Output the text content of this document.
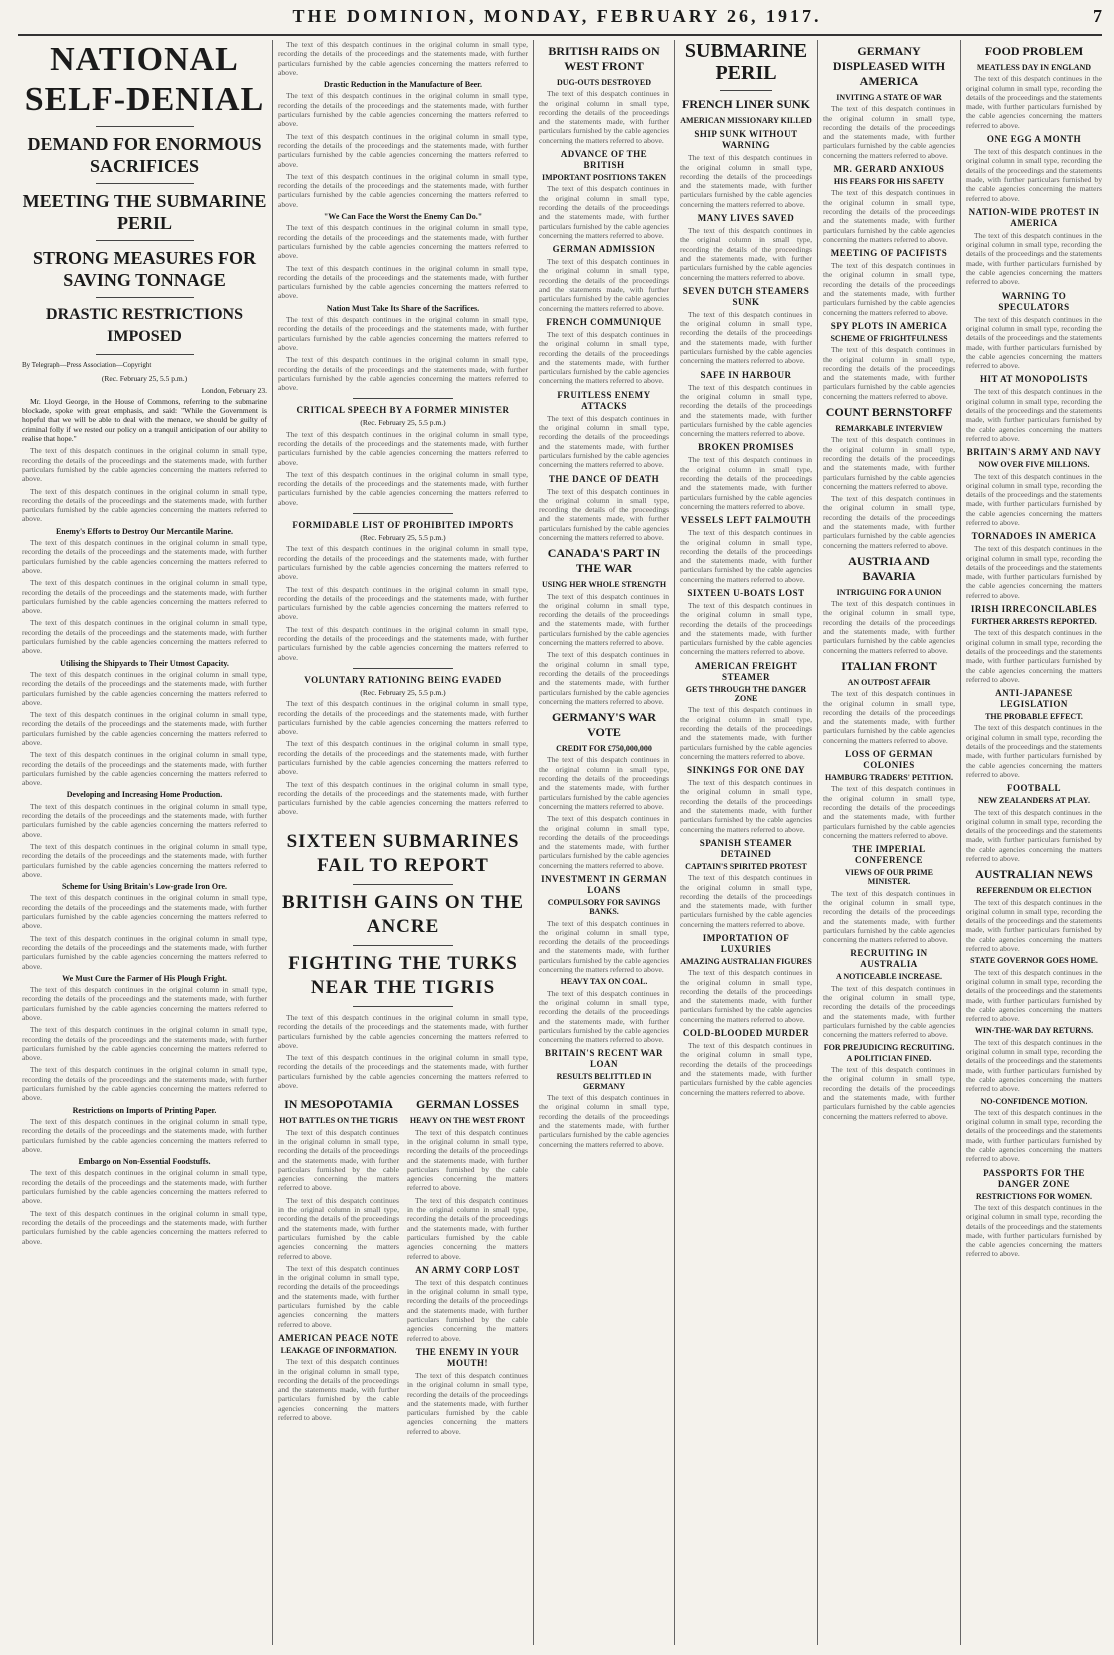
THE DOMINION, MONDAY, FEBRUARY 26, 1917.	7
NATIONAL SELF-DENIAL
DEMAND FOR ENORMOUS SACRIFICES
MEETING THE SUBMARINE PERIL
STRONG MEASURES FOR SAVING TONNAGE
DRASTIC RESTRICTIONS IMPOSED
By Telegraph—Press Association—Copyright
(Rec. February 25, 5.5 p.m.)
London, February 23.

Mr. Lloyd George, in the House of Commons, referring to the submarine blockade, spoke with great emphasis, and said: "While the Government is hopeful that we will be able to deal with the menace, we should be guilty of criminal folly if we rested our policy on a tranquil anticipation of our ability to realise that hope."

The text of this despatch continues in the original column in small type, recording the details of the proceedings and the statements made, with further particulars furnished by the cable agencies concerning the matters referred to above.

The text of this despatch continues in the original column in small type, recording the details of the proceedings and the statements made, with further particulars furnished by the cable agencies concerning the matters referred to above.

Enemy's Efforts to Destroy Our Mercantile Marine.

The text of this despatch continues in the original column in small type, recording the details of the proceedings and the statements made, with further particulars furnished by the cable agencies concerning the matters referred to above.

The text of this despatch continues in the original column in small type, recording the details of the proceedings and the statements made, with further particulars furnished by the cable agencies concerning the matters referred to above.

The text of this despatch continues in the original column in small type, recording the details of the proceedings and the statements made, with further particulars furnished by the cable agencies concerning the matters referred to above.

Utilising the Shipyards to Their Utmost Capacity.

The text of this despatch continues in the original column in small type, recording the details of the proceedings and the statements made, with further particulars furnished by the cable agencies concerning the matters referred to above.

The text of this despatch continues in the original column in small type, recording the details of the proceedings and the statements made, with further particulars furnished by the cable agencies concerning the matters referred to above.

The text of this despatch continues in the original column in small type, recording the details of the proceedings and the statements made, with further particulars furnished by the cable agencies concerning the matters referred to above.

Developing and Increasing Home Production.

The text of this despatch continues in the original column in small type, recording the details of the proceedings and the statements made, with further particulars furnished by the cable agencies concerning the matters referred to above.

The text of this despatch continues in the original column in small type, recording the details of the proceedings and the statements made, with further particulars furnished by the cable agencies concerning the matters referred to above.

Scheme for Using Britain's Low-grade Iron Ore.

The text of this despatch continues in the original column in small type, recording the details of the proceedings and the statements made, with further particulars furnished by the cable agencies concerning the matters referred to above.

The text of this despatch continues in the original column in small type, recording the details of the proceedings and the statements made, with further particulars furnished by the cable agencies concerning the matters referred to above.

We Must Cure the Farmer of His Plough Fright.

The text of this despatch continues in the original column in small type, recording the details of the proceedings and the statements made, with further particulars furnished by the cable agencies concerning the matters referred to above.

The text of this despatch continues in the original column in small type, recording the details of the proceedings and the statements made, with further particulars furnished by the cable agencies concerning the matters referred to above.

The text of this despatch continues in the original column in small type, recording the details of the proceedings and the statements made, with further particulars furnished by the cable agencies concerning the matters referred to above.

Restrictions on Imports of Printing Paper.

The text of this despatch continues in the original column in small type, recording the details of the proceedings and the statements made, with further particulars furnished by the cable agencies concerning the matters referred to above.

Embargo on Non-Essential Foodstuffs.

The text of this despatch continues in the original column in small type, recording the details of the proceedings and the statements made, with further particulars furnished by the cable agencies concerning the matters referred to above.

The text of this despatch continues in the original column in small type, recording the details of the proceedings and the statements made, with further particulars furnished by the cable agencies concerning the matters referred to above.

The text of this despatch continues in the original column in small type, recording the details of the proceedings and the statements made, with further particulars furnished by the cable agencies concerning the matters referred to above.

Drastic Reduction in the Manufacture of Beer.

The text of this despatch continues in the original column in small type, recording the details of the proceedings and the statements made, with further particulars furnished by the cable agencies concerning the matters referred to above.

The text of this despatch continues in the original column in small type, recording the details of the proceedings and the statements made, with further particulars furnished by the cable agencies concerning the matters referred to above.

The text of this despatch continues in the original column in small type, recording the details of the proceedings and the statements made, with further particulars furnished by the cable agencies concerning the matters referred to above.

"We Can Face the Worst the Enemy Can Do."

The text of this despatch continues in the original column in small type, recording the details of the proceedings and the statements made, with further particulars furnished by the cable agencies concerning the matters referred to above.

The text of this despatch continues in the original column in small type, recording the details of the proceedings and the statements made, with further particulars furnished by the cable agencies concerning the matters referred to above.

Nation Must Take Its Share of the Sacrifices.

The text of this despatch continues in the original column in small type, recording the details of the proceedings and the statements made, with further particulars furnished by the cable agencies concerning the matters referred to above.

The text of this despatch continues in the original column in small type, recording the details of the proceedings and the statements made, with further particulars furnished by the cable agencies concerning the matters referred to above.

CRITICAL SPEECH BY A FORMER MINISTER
(Rec. February 25, 5.5 p.m.)

The text of this despatch continues in the original column in small type, recording the details of the proceedings and the statements made, with further particulars furnished by the cable agencies concerning the matters referred to above.

The text of this despatch continues in the original column in small type, recording the details of the proceedings and the statements made, with further particulars furnished by the cable agencies concerning the matters referred to above.

FORMIDABLE LIST OF PROHIBITED IMPORTS
(Rec. February 25, 5.5 p.m.)

The text of this despatch continues in the original column in small type, recording the details of the proceedings and the statements made, with further particulars furnished by the cable agencies concerning the matters referred to above.

The text of this despatch continues in the original column in small type, recording the details of the proceedings and the statements made, with further particulars furnished by the cable agencies concerning the matters referred to above.

The text of this despatch continues in the original column in small type, recording the details of the proceedings and the statements made, with further particulars furnished by the cable agencies concerning the matters referred to above.

VOLUNTARY RATIONING BEING EVADED
(Rec. February 25, 5.5 p.m.)

The text of this despatch continues in the original column in small type, recording the details of the proceedings and the statements made, with further particulars furnished by the cable agencies concerning the matters referred to above.

The text of this despatch continues in the original column in small type, recording the details of the proceedings and the statements made, with further particulars furnished by the cable agencies concerning the matters referred to above.

The text of this despatch continues in the original column in small type, recording the details of the proceedings and the statements made, with further particulars furnished by the cable agencies concerning the matters referred to above.

SIXTEEN SUBMARINES FAIL TO REPORT
BRITISH GAINS ON THE ANCRE
FIGHTING THE TURKS NEAR THE TIGRIS

The text of this despatch continues in the original column in small type, recording the details of the proceedings and the statements made, with further particulars furnished by the cable agencies concerning the matters referred to above.

The text of this despatch continues in the original column in small type, recording the details of the proceedings and the statements made, with further particulars furnished by the cable agencies concerning the matters referred to above.

IN MESOPOTAMIA
HOT BATTLES ON THE TIGRIS

The text of this despatch continues in the original column in small type, recording the details of the proceedings and the statements made, with further particulars furnished by the cable agencies concerning the matters referred to above.

The text of this despatch continues in the original column in small type, recording the details of the proceedings and the statements made, with further particulars furnished by the cable agencies concerning the matters referred to above.

The text of this despatch continues in the original column in small type, recording the details of the proceedings and the statements made, with further particulars furnished by the cable agencies concerning the matters referred to above.

AMERICAN PEACE NOTE
LEAKAGE OF INFORMATION.

The text of this despatch continues in the original column in small type, recording the details of the proceedings and the statements made, with further particulars furnished by the cable agencies concerning the matters referred to above.

GERMAN LOSSES
HEAVY ON THE WEST FRONT

The text of this despatch continues in the original column in small type, recording the details of the proceedings and the statements made, with further particulars furnished by the cable agencies concerning the matters referred to above.

The text of this despatch continues in the original column in small type, recording the details of the proceedings and the statements made, with further particulars furnished by the cable agencies concerning the matters referred to above.

AN ARMY CORP LOST

The text of this despatch continues in the original column in small type, recording the details of the proceedings and the statements made, with further particulars furnished by the cable agencies concerning the matters referred to above.

THE ENEMY IN YOUR MOUTH!

The text of this despatch continues in the original column in small type, recording the details of the proceedings and the statements made, with further particulars furnished by the cable agencies concerning the matters referred to above.

BRITISH RAIDS ON WEST FRONT
DUG-OUTS DESTROYED

The text of this despatch continues in the original column in small type, recording the details of the proceedings and the statements made, with further particulars furnished by the cable agencies concerning the matters referred to above.

ADVANCE OF THE BRITISH
IMPORTANT POSITIONS TAKEN

The text of this despatch continues in the original column in small type, recording the details of the proceedings and the statements made, with further particulars furnished by the cable agencies concerning the matters referred to above.

GERMAN ADMISSION

The text of this despatch continues in the original column in small type, recording the details of the proceedings and the statements made, with further particulars furnished by the cable agencies concerning the matters referred to above.

FRENCH COMMUNIQUE

The text of this despatch continues in the original column in small type, recording the details of the proceedings and the statements made, with further particulars furnished by the cable agencies concerning the matters referred to above.

FRUITLESS ENEMY ATTACKS

The text of this despatch continues in the original column in small type, recording the details of the proceedings and the statements made, with further particulars furnished by the cable agencies concerning the matters referred to above.

THE DANCE OF DEATH

The text of this despatch continues in the original column in small type, recording the details of the proceedings and the statements made, with further particulars furnished by the cable agencies concerning the matters referred to above.

CANADA'S PART IN THE WAR
USING HER WHOLE STRENGTH

The text of this despatch continues in the original column in small type, recording the details of the proceedings and the statements made, with further particulars furnished by the cable agencies concerning the matters referred to above.

The text of this despatch continues in the original column in small type, recording the details of the proceedings and the statements made, with further particulars furnished by the cable agencies concerning the matters referred to above.

GERMANY'S WAR VOTE
CREDIT FOR £750,000,000

The text of this despatch continues in the original column in small type, recording the details of the proceedings and the statements made, with further particulars furnished by the cable agencies concerning the matters referred to above.

The text of this despatch continues in the original column in small type, recording the details of the proceedings and the statements made, with further particulars furnished by the cable agencies concerning the matters referred to above.

INVESTMENT IN GERMAN LOANS
COMPULSORY FOR SAVINGS BANKS.

The text of this despatch continues in the original column in small type, recording the details of the proceedings and the statements made, with further particulars furnished by the cable agencies concerning the matters referred to above.

HEAVY TAX ON COAL.

The text of this despatch continues in the original column in small type, recording the details of the proceedings and the statements made, with further particulars furnished by the cable agencies concerning the matters referred to above.

BRITAIN'S RECENT WAR LOAN
RESULTS BELITTLED IN GERMANY

The text of this despatch continues in the original column in small type, recording the details of the proceedings and the statements made, with further particulars furnished by the cable agencies concerning the matters referred to above.

SUBMARINE PERIL
FRENCH LINER SUNK
AMERICAN MISSIONARY KILLED
SHIP SUNK WITHOUT WARNING

The text of this despatch continues in the original column in small type, recording the details of the proceedings and the statements made, with further particulars furnished by the cable agencies concerning the matters referred to above.

MANY LIVES SAVED

The text of this despatch continues in the original column in small type, recording the details of the proceedings and the statements made, with further particulars furnished by the cable agencies concerning the matters referred to above.

SEVEN DUTCH STEAMERS SUNK

The text of this despatch continues in the original column in small type, recording the details of the proceedings and the statements made, with further particulars furnished by the cable agencies concerning the matters referred to above.

SAFE IN HARBOUR

The text of this despatch continues in the original column in small type, recording the details of the proceedings and the statements made, with further particulars furnished by the cable agencies concerning the matters referred to above.

BROKEN PROMISES

The text of this despatch continues in the original column in small type, recording the details of the proceedings and the statements made, with further particulars furnished by the cable agencies concerning the matters referred to above.

VESSELS LEFT FALMOUTH

The text of this despatch continues in the original column in small type, recording the details of the proceedings and the statements made, with further particulars furnished by the cable agencies concerning the matters referred to above.

SIXTEEN U-BOATS LOST

The text of this despatch continues in the original column in small type, recording the details of the proceedings and the statements made, with further particulars furnished by the cable agencies concerning the matters referred to above.

AMERICAN FREIGHT STEAMER
GETS THROUGH THE DANGER ZONE

The text of this despatch continues in the original column in small type, recording the details of the proceedings and the statements made, with further particulars furnished by the cable agencies concerning the matters referred to above.

SINKINGS FOR ONE DAY

The text of this despatch continues in the original column in small type, recording the details of the proceedings and the statements made, with further particulars furnished by the cable agencies concerning the matters referred to above.

SPANISH STEAMER DETAINED
CAPTAIN'S SPIRITED PROTEST

The text of this despatch continues in the original column in small type, recording the details of the proceedings and the statements made, with further particulars furnished by the cable agencies concerning the matters referred to above.

IMPORTATION OF LUXURIES
AMAZING AUSTRALIAN FIGURES

The text of this despatch continues in the original column in small type, recording the details of the proceedings and the statements made, with further particulars furnished by the cable agencies concerning the matters referred to above.

COLD-BLOODED MURDER

The text of this despatch continues in the original column in small type, recording the details of the proceedings and the statements made, with further particulars furnished by the cable agencies concerning the matters referred to above.

GERMANY DISPLEASED WITH AMERICA
INVITING A STATE OF WAR

The text of this despatch continues in the original column in small type, recording the details of the proceedings and the statements made, with further particulars furnished by the cable agencies concerning the matters referred to above.

MR. GERARD ANXIOUS
HIS FEARS FOR HIS SAFETY

The text of this despatch continues in the original column in small type, recording the details of the proceedings and the statements made, with further particulars furnished by the cable agencies concerning the matters referred to above.

MEETING OF PACIFISTS

The text of this despatch continues in the original column in small type, recording the details of the proceedings and the statements made, with further particulars furnished by the cable agencies concerning the matters referred to above.

SPY PLOTS IN AMERICA
SCHEME OF FRIGHTFULNESS

The text of this despatch continues in the original column in small type, recording the details of the proceedings and the statements made, with further particulars furnished by the cable agencies concerning the matters referred to above.

COUNT BERNSTORFF
REMARKABLE INTERVIEW

The text of this despatch continues in the original column in small type, recording the details of the proceedings and the statements made, with further particulars furnished by the cable agencies concerning the matters referred to above.

The text of this despatch continues in the original column in small type, recording the details of the proceedings and the statements made, with further particulars furnished by the cable agencies concerning the matters referred to above.

AUSTRIA AND BAVARIA
INTRIGUING FOR A UNION

The text of this despatch continues in the original column in small type, recording the details of the proceedings and the statements made, with further particulars furnished by the cable agencies concerning the matters referred to above.

ITALIAN FRONT
AN OUTPOST AFFAIR

The text of this despatch continues in the original column in small type, recording the details of the proceedings and the statements made, with further particulars furnished by the cable agencies concerning the matters referred to above.

LOSS OF GERMAN COLONIES
HAMBURG TRADERS' PETITION.

The text of this despatch continues in the original column in small type, recording the details of the proceedings and the statements made, with further particulars furnished by the cable agencies concerning the matters referred to above.

THE IMPERIAL CONFERENCE
VIEWS OF OUR PRIME MINISTER.

The text of this despatch continues in the original column in small type, recording the details of the proceedings and the statements made, with further particulars furnished by the cable agencies concerning the matters referred to above.

RECRUITING IN AUSTRALIA
A NOTICEABLE INCREASE.

The text of this despatch continues in the original column in small type, recording the details of the proceedings and the statements made, with further particulars furnished by the cable agencies concerning the matters referred to above.

FOR PREJUDICING RECRUITING.
A POLITICIAN FINED.

The text of this despatch continues in the original column in small type, recording the details of the proceedings and the statements made, with further particulars furnished by the cable agencies concerning the matters referred to above.

FOOD PROBLEM
MEATLESS DAY IN ENGLAND

The text of this despatch continues in the original column in small type, recording the details of the proceedings and the statements made, with further particulars furnished by the cable agencies concerning the matters referred to above.

ONE EGG A MONTH

The text of this despatch continues in the original column in small type, recording the details of the proceedings and the statements made, with further particulars furnished by the cable agencies concerning the matters referred to above.

NATION-WIDE PROTEST IN AMERICA

The text of this despatch continues in the original column in small type, recording the details of the proceedings and the statements made, with further particulars furnished by the cable agencies concerning the matters referred to above.

WARNING TO SPECULATORS

The text of this despatch continues in the original column in small type, recording the details of the proceedings and the statements made, with further particulars furnished by the cable agencies concerning the matters referred to above.

HIT AT MONOPOLISTS

The text of this despatch continues in the original column in small type, recording the details of the proceedings and the statements made, with further particulars furnished by the cable agencies concerning the matters referred to above.

BRITAIN'S ARMY AND NAVY
NOW OVER FIVE MILLIONS.

The text of this despatch continues in the original column in small type, recording the details of the proceedings and the statements made, with further particulars furnished by the cable agencies concerning the matters referred to above.

TORNADOES IN AMERICA

The text of this despatch continues in the original column in small type, recording the details of the proceedings and the statements made, with further particulars furnished by the cable agencies concerning the matters referred to above.

IRISH IRRECONCILABLES
FURTHER ARRESTS REPORTED.

The text of this despatch continues in the original column in small type, recording the details of the proceedings and the statements made, with further particulars furnished by the cable agencies concerning the matters referred to above.

ANTI-JAPANESE LEGISLATION
THE PROBABLE EFFECT.

The text of this despatch continues in the original column in small type, recording the details of the proceedings and the statements made, with further particulars furnished by the cable agencies concerning the matters referred to above.

FOOTBALL
NEW ZEALANDERS AT PLAY.

The text of this despatch continues in the original column in small type, recording the details of the proceedings and the statements made, with further particulars furnished by the cable agencies concerning the matters referred to above.

AUSTRALIAN NEWS
REFERENDUM OR ELECTION

The text of this despatch continues in the original column in small type, recording the details of the proceedings and the statements made, with further particulars furnished by the cable agencies concerning the matters referred to above.

STATE GOVERNOR GOES HOME.

The text of this despatch continues in the original column in small type, recording the details of the proceedings and the statements made, with further particulars furnished by the cable agencies concerning the matters referred to above.

WIN-THE-WAR DAY RETURNS.

The text of this despatch continues in the original column in small type, recording the details of the proceedings and the statements made, with further particulars furnished by the cable agencies concerning the matters referred to above.

NO-CONFIDENCE MOTION.

The text of this despatch continues in the original column in small type, recording the details of the proceedings and the statements made, with further particulars furnished by the cable agencies concerning the matters referred to above.

PASSPORTS FOR THE DANGER ZONE
RESTRICTIONS FOR WOMEN.

The text of this despatch continues in the original column in small type, recording the details of the proceedings and the statements made, with further particulars furnished by the cable agencies concerning the matters referred to above.
